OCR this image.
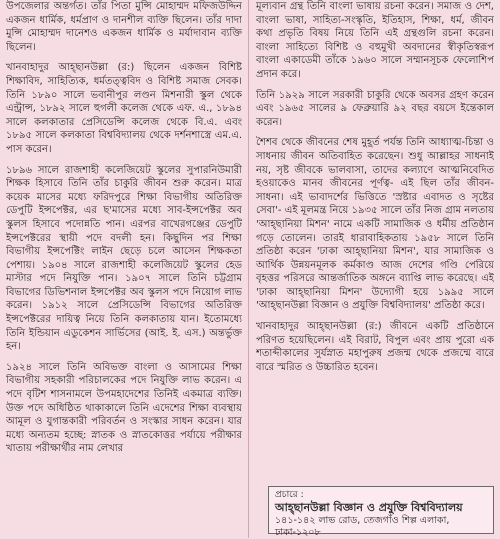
উপজেলার অন্তর্গত। তাঁর পিতা মুন্সি মোহাম্মদ মফিজউদ্দিন একজন ধার্মিক, ধর্মপ্রাণ ও দানশীল ব্যক্তি ছিলেন। তাঁর দাদা মুন্সি মোহাম্মদ দানেশও একজন ধার্মিক ও মর্যাদাবান ব্যক্তি ছিলেন।

খানবাহাদুর আহ্ছানউল্লা (র:) ছিলেন একজন বিশিষ্ট শিক্ষাবিদ, সাহিত্যিক, ধর্মতত্ত্ববিদ ও বিশিষ্ট সমাজ সেবক। তিনি ১৮৯০ সালে ভবানীপুর লণ্ডন মিশনারী স্কুল থেকে এন্ট্রান্স, ১৮৯২ সালে হুগলী কলেজ থেকে এফ. এ., ১৮৯৪ সালে কলকাতার প্রেসিডেন্সি কলেজ থেকে বি.এ. এবং ১৮৯৫ সালে কলকাতা বিশ্ববিদ্যালয় থেকে দর্শনশাস্ত্রে এম.এ. পাস করেন।

১৮৯৬ সালে রাজশাহী কলেজিয়েট স্কুলের সুপারনিউমারী শিক্ষক হিসাবে তিনি তাঁর চাকুরি জীবন শুরু করেন। মাত্র কয়েক মাসের মধ্যে ফরিদপুরে শিক্ষা বিভাগীয় অতিরিক্ত ডেপুটি ইন্সপেক্টর, এর ছ'মাসের মধ্যে সাব-ইন্সপেক্টর অব স্কুলস হিসাবে পদোন্নতি পান। এরপর বাখেরগঞ্জের ডেপুটি ইন্সপেক্টরের স্থায়ী পদে বদলী হন। কিছুদিন পর শিক্ষা বিভাগীয় ইন্সপেক্টিং লাইন ছেড়ে চলে আসেন শিক্ষকতা পেশায়। ১৯০৪ সালে রাজশাহী কলেজিয়েট স্কুলের হেড মাস্টার পদে নিযুক্তি পান। ১৯০৭ সালে তিনি চট্টগ্রাম বিভাগের ডিভিশনাল ইন্সপেক্টর অব স্কুলস পদে নিয়োগ লাভ করেন। ১৯১২ সালে প্রেসিডেন্সি বিভাগের অতিরিক্ত ইন্সপেক্টরের দায়িত্ব নিয়ে তিনি কলকাতায় যান। ইতোমধ্যে তিনি ইন্ডিয়ান এডুকেশন সার্ভিসের (আই. ই. এস.) অন্তর্ভুক্ত হন।

১৯২৪ সালে তিনি অবিভক্ত বাংলা ও আসামের শিক্ষা বিভাগীয় সহকারী পরিচালকের পদে নিযুক্তি লাভ করেন। এ পদে বৃটিশ শাসনামলে উপমহাদেশের তিনিই একমাত্র ব্যক্তি। উক্ত পদে অধিষ্ঠিত থাকাকালে তিনি এদেশের শিক্ষা ব্যবস্থায় আমূল ও যুগান্তকারী পরিবর্তন ও সংস্কার সাধন করেন। যার মধ্যে অন্যতম হচ্ছে: স্নাতক ও স্নাতকোত্তর পর্যায়ে পরীক্ষার খাতায় পরীক্ষার্থীর নাম লেখার

মূল্যবান গ্রন্থ তিনি বাংলা ভাষায় রচনা করেন। সমাজ ও দেশ, বাংলা ভাষা, সাহিত্য-সংস্কৃতি, ইতিহাস, শিক্ষা, ধর্ম, জীবন কথা প্রভৃতি বিষয় নিয়ে তিনি এই গ্রন্থগুলি রচনা করেন। বাংলা সাহিত্যে বিশিষ্ট ও বহুমুখী অবদানের স্বীকৃতিস্বরূপ বাংলা একাডেমী তাঁকে ১৯৬০ সালে সম্মানসূচক ফেলোশিপ প্রদান করে।

তিনি ১৯২৯ সালে সরকারী চাকুরি থেকে অবসর গ্রহণ করেন এবং ১৯৬৫ সালের ৯ ফেব্রুয়ারি ৯২ বছর বয়সে ইন্তেকাল করেন।

শৈশব থেকে জীবনের শেষ মুহূর্ত পর্যন্ত তিনি আধ্যাত্ম-চিন্তা ও সাধনায় জীবন অতিবাহিত করেছেন। শুধু আল্লাহর সাধনাই নয়, সৃষ্ট জীবকে ভালবাসা, তাদের কল্যাণে আত্মনিবেদিত হওয়াকেও মানব জীবনের পূর্ণত্ব- এই ছিল তাঁর জীবন-সাধনা। এই ভাবাদর্শের ভিত্তিতে 'স্রষ্টার এবাদত ও সৃষ্টের সেবা'- এই মূলমন্ত্র নিয়ে ১৯৩৫ সালে তাঁর নিজ গ্রাম নলতায় 'আহ্ছানিয়া মিশন' নামে একটি সামাজিক ও ধর্মীয় প্রতিষ্ঠান গড়ে তোলেন। তারই ধারাবাহিকতায় ১৯৫৮ সালে তিনি প্রতিষ্ঠা করেন 'ঢাকা আহ্ছানিয়া মিশন', যার সামাজিক ও আর্থিক উন্নয়নমূলক কর্মকাণ্ড আজ দেশের গণ্ডি পেরিয়ে বৃহত্তর পরিসরে আন্তর্জাতিক অঙ্গনে ব্যাপ্তি লাভ করেছে। এই 'ঢাকা আহ্ছানিয়া মিশন' উদ্যোগী হয়ে ১৯৯৫ সালে 'আহ্ছানউল্লা বিজ্ঞান ও প্রযুক্তি বিশ্ববিদ্যালয়' প্রতিষ্ঠা করে।

খানবাহাদুর আহ্ছানউল্লা (র:) জীবনে একটি প্রতিষ্ঠানে পরিণত হয়েছিলেন। এই বিরাট, বিপুল এবং প্রায় পুরো এক শতাব্দীকালের সুর্যস্নাত মহাপুরুষ প্রজন্ম থেকে প্রজন্মে বারে বারে স্মরিত ও উচ্চারিত হবেন।

প্রচারে :
আহ্ছানউল্লা বিজ্ঞান ও প্রযুক্তি বিশ্ববিদ্যালয়
১৪১-১৪২ লাভ রোড, তেজগাঁও শিল্প এলাকা, ঢাকা-১২০৮
